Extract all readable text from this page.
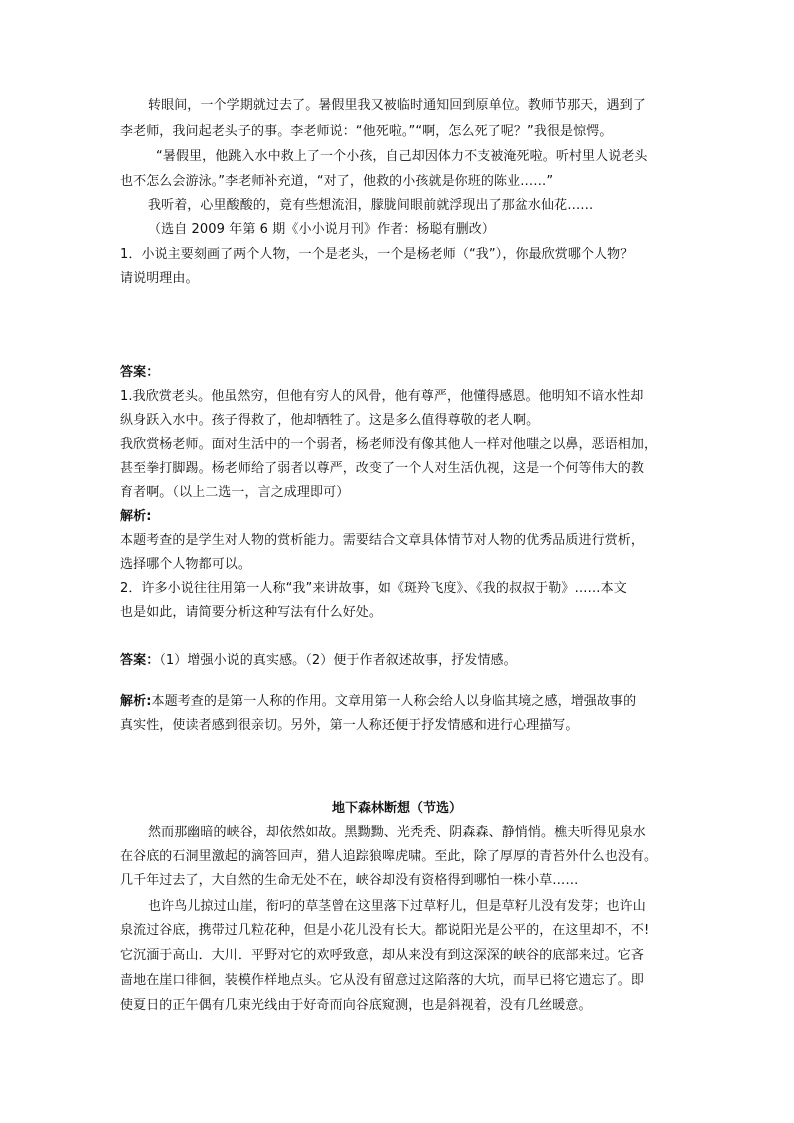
转眼间，一个学期就过去了。暑假里我又被临时通知回到原单位。教师节那天，遇到了
李老师，我问起老头子的事。李老师说：“他死啦。”“啊，怎么死了呢？”我很是惊愕。
“暑假里，他跳入水中救上了一个小孩，自己却因体力不支被淹死啦。听村里人说老头
也不怎么会游泳。”李老师补充道，“对了，他救的小孩就是你班的陈业……”
我听着，心里酸酸的，竟有些想流泪，朦胧间眼前就浮现出了那盆水仙花……
（选自 2009 年第 6 期《小小说月刊》作者：杨聪有删改）
1．小说主要刻画了两个人物，一个是老头，一个是杨老师（“我”），你最欣赏哪个人物？
请说明理由。
答案：
1.我欣赏老头。他虽然穷，但他有穷人的风骨，他有尊严，他懂得感恩。他明知不谙水性却
纵身跃入水中。孩子得救了，他却牺牲了。这是多么值得尊敬的老人啊。
我欣赏杨老师。面对生活中的一个弱者，杨老师没有像其他人一样对他嗤之以鼻，恶语相加，
甚至拳打脚踢。杨老师给了弱者以尊严，改变了一个人对生活仇视，这是一个何等伟大的教
育者啊。（以上二选一，言之成理即可）
解析:
本题考查的是学生对人物的赏析能力。需要结合文章具体情节对人物的优秀品质进行赏析，
选择哪个人物都可以。
2．许多小说往往用第一人称“我”来讲故事，如《斑羚飞度》、《我的叔叔于勒》……本文
也是如此，请简要分析这种写法有什么好处。
答案：（1）增强小说的真实感。（2）便于作者叙述故事，抒发情感。
解析:本题考查的是第一人称的作用。文章用第一人称会给人以身临其境之感，增强故事的
真实性，使读者感到很亲切。另外，第一人称还便于抒发情感和进行心理描写。
地下森林断想（节选）
然而那幽暗的峡谷，却依然如故。黑黝黝、光秃秃、阴森森、静悄悄。樵夫听得见泉水
在谷底的石洞里激起的滴答回声，猎人追踪狼嗥虎啸。至此，除了厚厚的青苔外什么也没有。
几千年过去了，大自然的生命无处不在，峡谷却没有资格得到哪怕一株小草……
也许鸟儿掠过山崖，衔叼的草茎曾在这里落下过草籽儿，但是草籽儿没有发芽；也许山
泉流过谷底，携带过几粒花种，但是小花儿没有长大。都说阳光是公平的，在这里却不，不!
它沉湎于高山．大川．平野对它的欢呼致意，却从来没有到这深深的峡谷的底部来过。它吝
啬地在崖口徘徊，装模作样地点头。它从没有留意过这陷落的大坑，而早已将它遗忘了。即
使夏日的正午偶有几束光线由于好奇而向谷底窥测，也是斜视着，没有几丝暖意。
